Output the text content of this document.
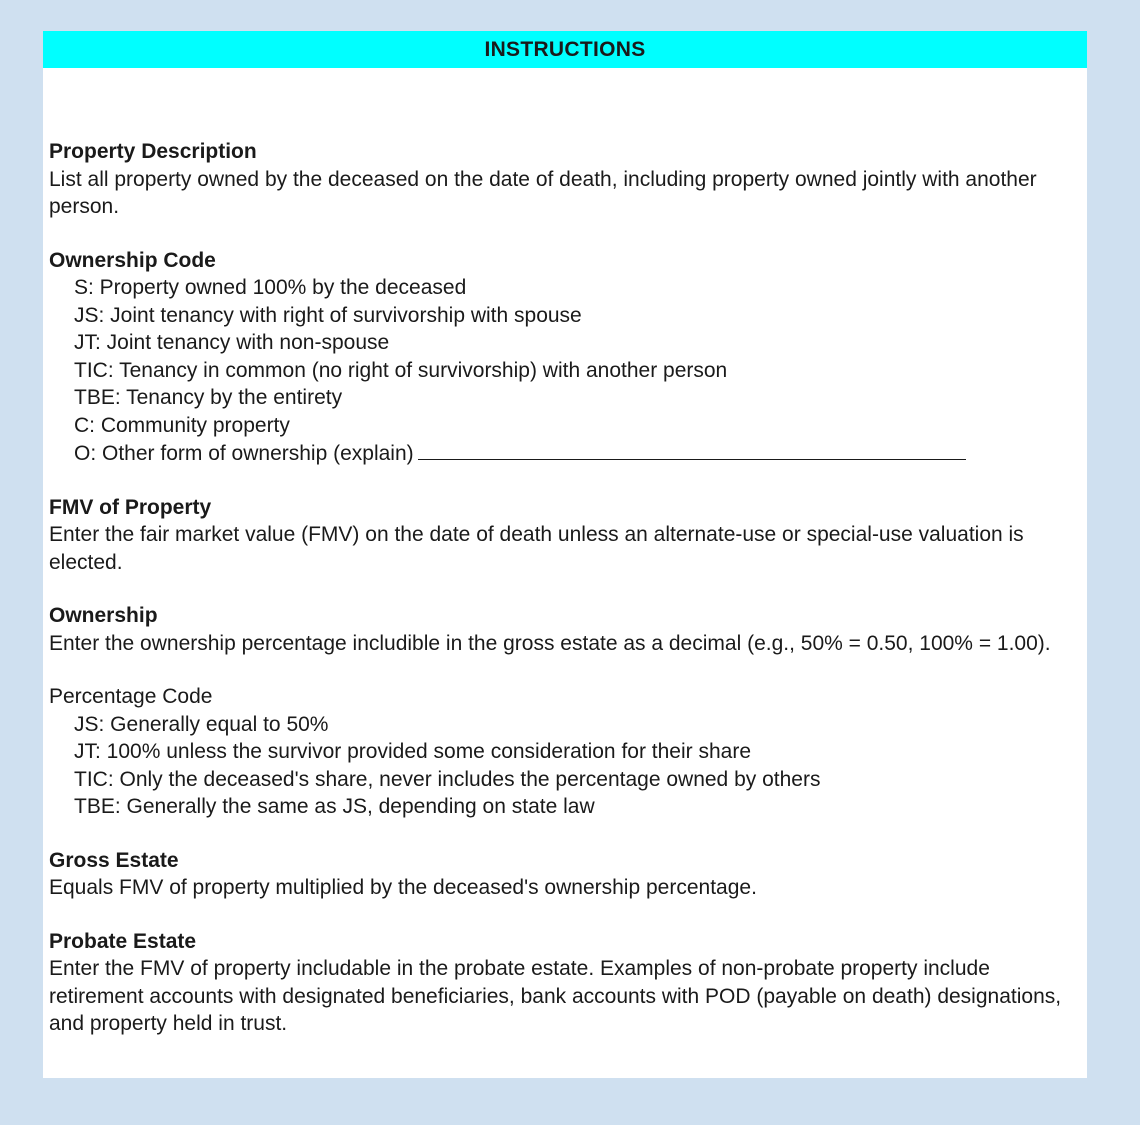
INSTRUCTIONS
Property Description
List all property owned by the deceased on the date of death, including property owned jointly with another person.
Ownership Code
S: Property owned 100% by the deceased
JS: Joint tenancy with right of survivorship with spouse
JT: Joint tenancy with non-spouse
TIC: Tenancy in common (no right of survivorship) with another person
TBE: Tenancy by the entirety
C: Community property
O: Other form of ownership (explain)
FMV of Property
Enter the fair market value (FMV) on the date of death unless an alternate-use or special-use valuation is elected.
Ownership
Enter the ownership percentage includible in the gross estate as a decimal (e.g., 50% = 0.50, 100% = 1.00).
Percentage Code
JS: Generally equal to 50%
JT: 100% unless the survivor provided some consideration for their share
TIC: Only the deceased's share, never includes the percentage owned by others
TBE: Generally the same as JS, depending on state law
Gross Estate
Equals FMV of property multiplied by the deceased's ownership percentage.
Probate Estate
Enter the FMV of property includable in the probate estate. Examples of non-probate property include retirement accounts with designated beneficiaries, bank accounts with POD (payable on death) designations, and property held in trust.
